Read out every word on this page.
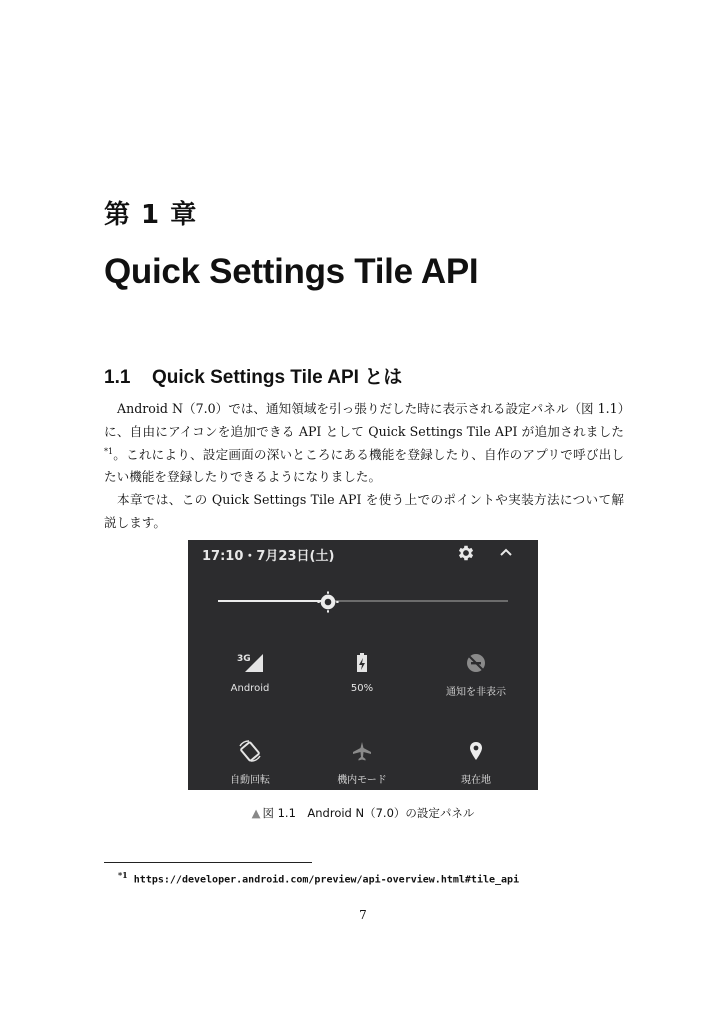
第 1 章
Quick Settings Tile API
1.1 Quick Settings Tile API とは

Android N（7.0）では、通知領域を引っ張りだした時に表示される設定パネル（図 1.1）に、自由にアイコンを追加できる API として Quick Settings Tile API が追加されました$^{*1}$。これにより、設定画面の深いところにある機能を登録したり、自作のアプリで呼び出したい機能を登録したりできるようになりました。

本章では、この Quick Settings Tile API を使う上でのポイントや実装方法について解説します。

17:10・7月23日(土)
3G
Android	50%	通知を非表示
自動回転	機内モード	現在地
▲ 図 1.1　Android N（7.0）の設定パネル
$^{*1}$ https://developer.android.com/preview/api-overview.html#tile_api
7
